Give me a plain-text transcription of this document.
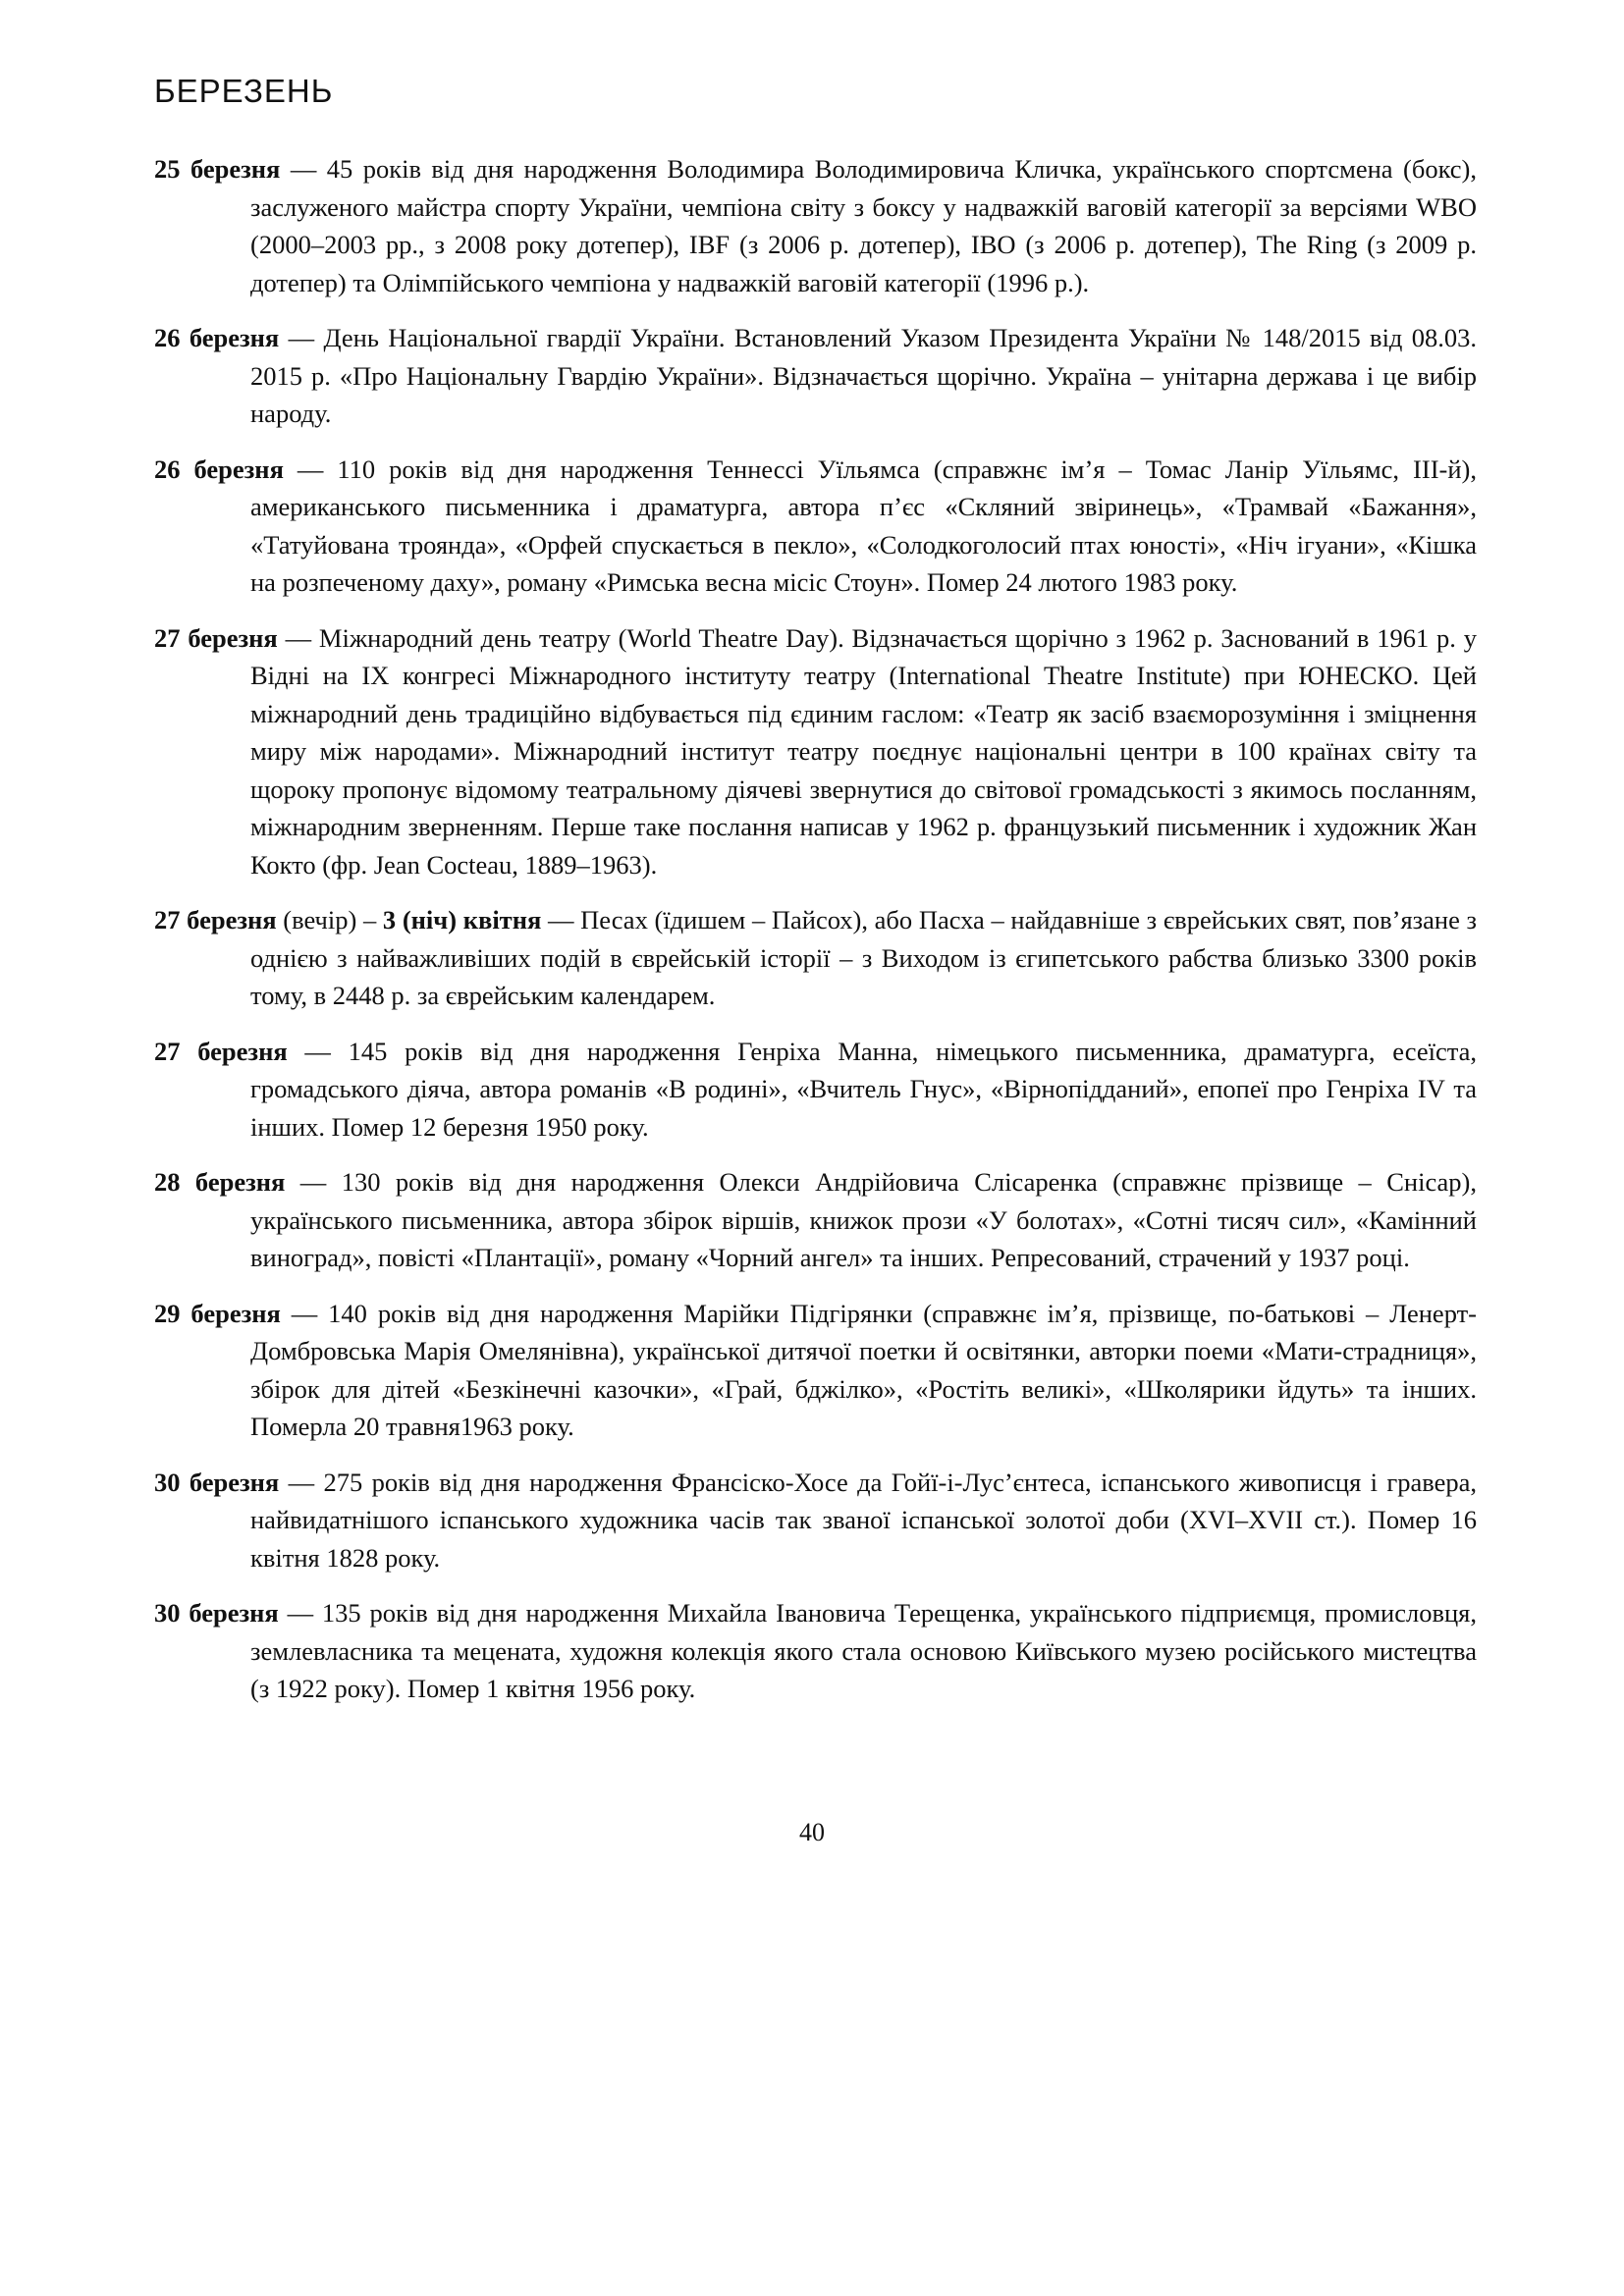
БЕРЕЗЕНЬ

25 березня — 45 років від дня народження Володимира Володимировича Кличка, українського спортсмена (бокс), заслуженого майстра спорту України, чемпіона світу з боксу у надважкій ваговій категорії за версіями WBO (2000–2003 рр., з 2008 року дотепер), IBF (з 2006 р. дотепер), IBO (з 2006 р. дотепер), The Ring (з 2009 р. дотепер) та Олімпійського чемпіона у надважкій ваговій категорії (1996 р.).

26 березня — День Національної гвардії України. Встановлений Указом Президента України № 148/2015 від 08.03. 2015 р. «Про Національну Гвардію України». Відзначається щорічно. Україна – унітарна держава і це вибір народу.

26 березня — 110 років від дня народження Теннессі Уїльямса (справжнє ім’я – Томас Ланір Уїльямс, III-й), американського письменника і драматурга, автора п’єс «Скляний звіринець», «Трамвай «Бажання», «Татуйована троянда», «Орфей спускається в пекло», «Солодкоголосий птах юності», «Ніч ігуани», «Кішка на розпеченому даху», роману «Римська весна місіс Стоун». Помер 24 лютого 1983 року.

27 березня — Міжнародний день театру (World Theatre Day). Відзначається щорічно з 1962 р. Заснований в 1961 р. у Відні на IX конгресі Міжнародного інституту театру (International Theatre Institute) при ЮНЕСКО. Цей міжнародний день традиційно відбувається під єдиним гаслом: «Театр як засіб взаєморозуміння і зміцнення миру між народами». Міжнародний інститут театру поєднує національні центри в 100 країнах світу та щороку пропонує відомому театральному діячеві звернутися до світової громадськості з якимось посланням, міжнародним зверненням. Перше таке послання написав у 1962 р. французький письменник і художник Жан Кокто (фр. Jean Cocteau, 1889–1963).

27 березня (вечір) – 3 (ніч) квітня — Песах (їдишем – Пайсох), або Пасха – найдавніше з єврейських свят, пов’язане з однією з найважливіших подій в єврейській історії – з Виходом із єгипетського рабства близько 3300 років тому, в 2448 р. за єврейським календарем.

27 березня — 145 років від дня народження Генріха Манна, німецького письменника, драматурга, есеїста, громадського діяча, автора романів «В родині», «Вчитель Гнус», «Вірнопідданий», епопеї про Генріха IV та інших. Помер 12 березня 1950 року.

28 березня — 130 років від дня народження Олекси Андрійовича Слісаренка (справжнє прізвище – Снісар), українського письменника, автора збірок віршів, книжок прози «У болотах», «Сотні тисяч сил», «Камінний виноград», повісті «Плантації», роману «Чорний ангел» та інших. Репресований, страчений у 1937 році.

29 березня — 140 років від дня народження Марійки Підгірянки (справжнє ім’я, прізвище, по-батькові – Ленерт-Домбровська Марія Омелянівна), української дитячої поетки й освітянки, авторки поеми «Мати-страдниця», збірок для дітей «Безкінечні казочки», «Грай, бджілко», «Ростіть великі», «Школярики йдуть» та інших. Померла 20 травня1963 року.

30 березня — 275 років від дня народження Франсіско-Хосе да Гойї-і-Лус’єнтеса, іспанського живописця і гравера, найвидатнішого іспанського художника часів так званої іспанської золотої доби (XVI–XVII ст.). Помер 16 квітня 1828 року.

30 березня — 135 років від дня народження Михайла Івановича Терещенка, українського підприємця, промисловця, землевласника та мецената, художня колекція якого стала основою Київського музею російського мистецтва (з 1922 року). Помер 1 квітня 1956 року.

40
